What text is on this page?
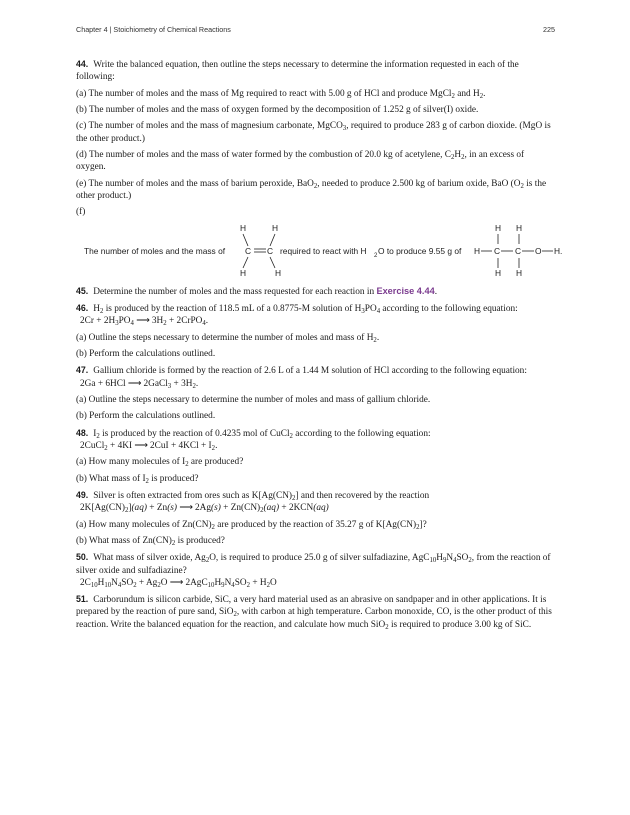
Chapter 4 | Stoichiometry of Chemical Reactions	225

44. Write the balanced equation, then outline the steps necessary to determine the information requested in each of the following:

(a) The number of moles and the mass of Mg required to react with 5.00 g of HCl and produce MgCl$_2$ and $H_2$.

(b) The number of moles and the mass of oxygen formed by the decomposition of 1.252 g of silver(I) oxide.

(c) The number of moles and the mass of magnesium carbonate, MgCO$_3$, required to produce 283 g of carbon dioxide. (MgO is the other product.)

(d) The number of moles and the mass of water formed by the combustion of 20.0 kg of acetylene, $C_2H_2$, in an excess of oxygen.

(e) The number of moles and the mass of barium peroxide, BaO$_2$, needed to produce 2.500 kg of barium oxide, BaO ($O_2$ is the other product.)

(f)

The number of moles and the mass of
H	H
C C
H	H
required to react with H 2 O to produce 9.55 g of
H H
H C C O H.
H H

45. Determine the number of moles and the mass requested for each reaction in Exercise 4.44.

46. $H_2$ is produced by the reaction of 118.5 mL of a 0.8775-M solution of $H_3PO_4$ according to the following equation: $2Cr + 2H_3PO_4$ ⟶ $3H_2$ + 2CrPO$_4$.

(a) Outline the steps necessary to determine the number of moles and mass of $H_2$.

(b) Perform the calculations outlined.

47. Gallium chloride is formed by the reaction of 2.6 L of a 1.44 M solution of HCl according to the following equation: 2Ga + 6HCl ⟶ 2GaCl$_3$ + $3H_2$.

(a) Outline the steps necessary to determine the number of moles and mass of gallium chloride.

(b) Perform the calculations outlined.

48. $I_2$ is produced by the reaction of 0.4235 mol of CuCl$_2$ according to the following equation:
2CuCl$_2$ + 4KI ⟶ $2CuI + 4KCl + I_2$.

(a) How many molecules of $I_2$ are produced?

(b) What mass of $I_2$ is produced?

49. Silver is often extracted from ores such as $K[Ag(CN)_2]$ and then recovered by the reaction
$2K[Ag(CN)_2](aq) + Zn(s)$ ⟶ $2Ag(s) + Zn(CN)_2(aq) + 2KCN(aq)$

(a) How many molecules of $Zn(CN)_2$ are produced by the reaction of 35.27 g of $K[Ag(CN)_2]$?

(b) What mass of $Zn(CN)_2$ is produced?

50. What mass of silver oxide, $Ag_2O$, is required to produce 25.0 g of silver sulfadiazine, $AgC_{10}H_9N_4SO_2$, from the reaction of silver oxide and sulfadiazine?
$2C_{10}H_{10}N_4SO_2 + Ag_2O$ ⟶ $2AgC_{10}H_9N_4SO_2 + H_2O$

51. Carborundum is silicon carbide, SiC, a very hard material used as an abrasive on sandpaper and in other applications. It is prepared by the reaction of pure sand, SiO$_2$, with carbon at high temperature. Carbon monoxide, CO, is the other product of this reaction. Write the balanced equation for the reaction, and calculate how much SiO$_2$ is required to produce 3.00 kg of SiC.
